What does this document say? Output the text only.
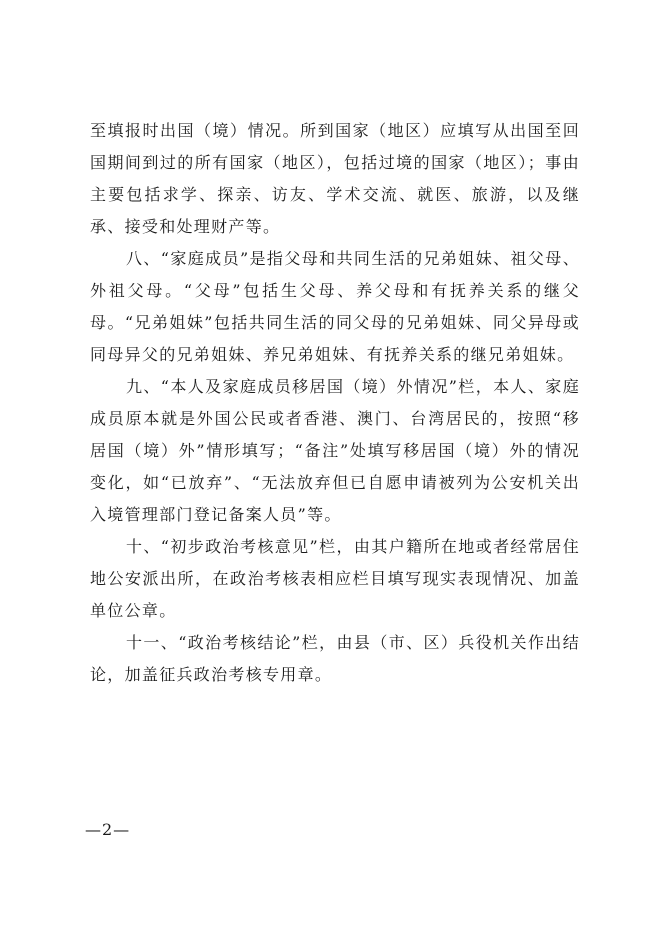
至填报时出国（境）情况。所到国家（地区）应填写从出国至回国期间到过的所有国家（地区），包括过境的国家（地区）；事由主要包括求学、探亲、访友、学术交流、就医、旅游，以及继承、接受和处理财产等。

八、“家庭成员”是指父母和共同生活的兄弟姐妹、祖父母、外祖父母。“父母”包括生父母、养父母和有抚养关系的继父母。“兄弟姐妹”包括共同生活的同父母的兄弟姐妹、同父异母或同母异父的兄弟姐妹、养兄弟姐妹、有抚养关系的继兄弟姐妹。

九、“本人及家庭成员移居国（境）外情况”栏，本人、家庭成员原本就是外国公民或者香港、澳门、台湾居民的，按照“移居国（境）外”情形填写；“备注”处填写移居国（境）外的情况变化，如“已放弃”、“无法放弃但已自愿申请被列为公安机关出入境管理部门登记备案人员”等。

十、“初步政治考核意见”栏，由其户籍所在地或者经常居住地公安派出所，在政治考核表相应栏目填写现实表现情况、加盖单位公章。

十一、“政治考核结论”栏，由县（市、区）兵役机关作出结论，加盖征兵政治考核专用章。

—2—
